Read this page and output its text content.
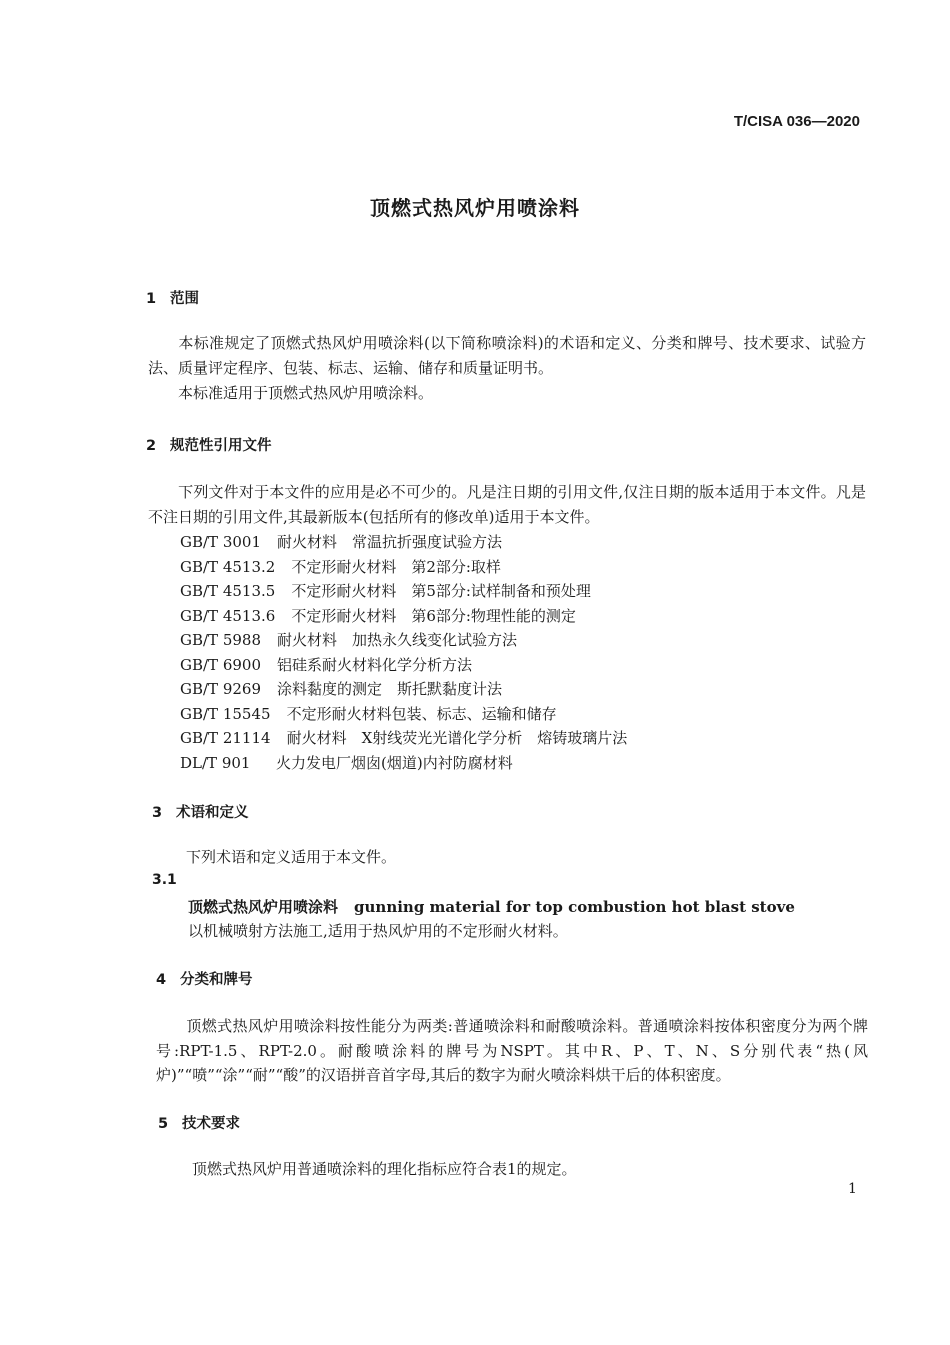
T/CISA 036—2020
顶燃式热风炉用喷涂料
1 范围
本标准规定了顶燃式热风炉用喷涂料(以下简称喷涂料)的术语和定义、分类和牌号、技术要求、试验方法、质量评定程序、包装、标志、运输、储存和质量证明书。
本标准适用于顶燃式热风炉用喷涂料。
2 规范性引用文件
下列文件对于本文件的应用是必不可少的。凡是注日期的引用文件,仅注日期的版本适用于本文件。凡是不注日期的引用文件,其最新版本(包括所有的修改单)适用于本文件。
GB/T 3001 耐火材料　常温抗折强度试验方法
GB/T 4513.2 不定形耐火材料　第2部分:取样
GB/T 4513.5 不定形耐火材料　第5部分:试样制备和预处理
GB/T 4513.6 不定形耐火材料　第6部分:物理性能的测定
GB/T 5988 耐火材料　加热永久线变化试验方法
GB/T 6900 铝硅系耐火材料化学分析方法
GB/T 9269 涂料黏度的测定　斯托默黏度计法
GB/T 15545 不定形耐火材料包装、标志、运输和储存
GB/T 21114 耐火材料　X射线荧光光谱化学分析　熔铸玻璃片法
DL/T 901 火力发电厂烟囱(烟道)内衬防腐材料
3 术语和定义
下列术语和定义适用于本文件。
3.1
顶燃式热风炉用喷涂料 gunning material for top combustion hot blast stove
以机械喷射方法施工,适用于热风炉用的不定形耐火材料。
4 分类和牌号
顶燃式热风炉用喷涂料按性能分为两类:普通喷涂料和耐酸喷涂料。普通喷涂料按体积密度分为两个牌号:RPT-1.5、RPT-2.0。耐酸喷涂料的牌号为NSPT。其中R、P、T、N、S分别代表“热(风炉)”“喷”“涂”“耐”“酸”的汉语拼音首字母,其后的数字为耐火喷涂料烘干后的体积密度。
5 技术要求
顶燃式热风炉用普通喷涂料的理化指标应符合表1的规定。
1
